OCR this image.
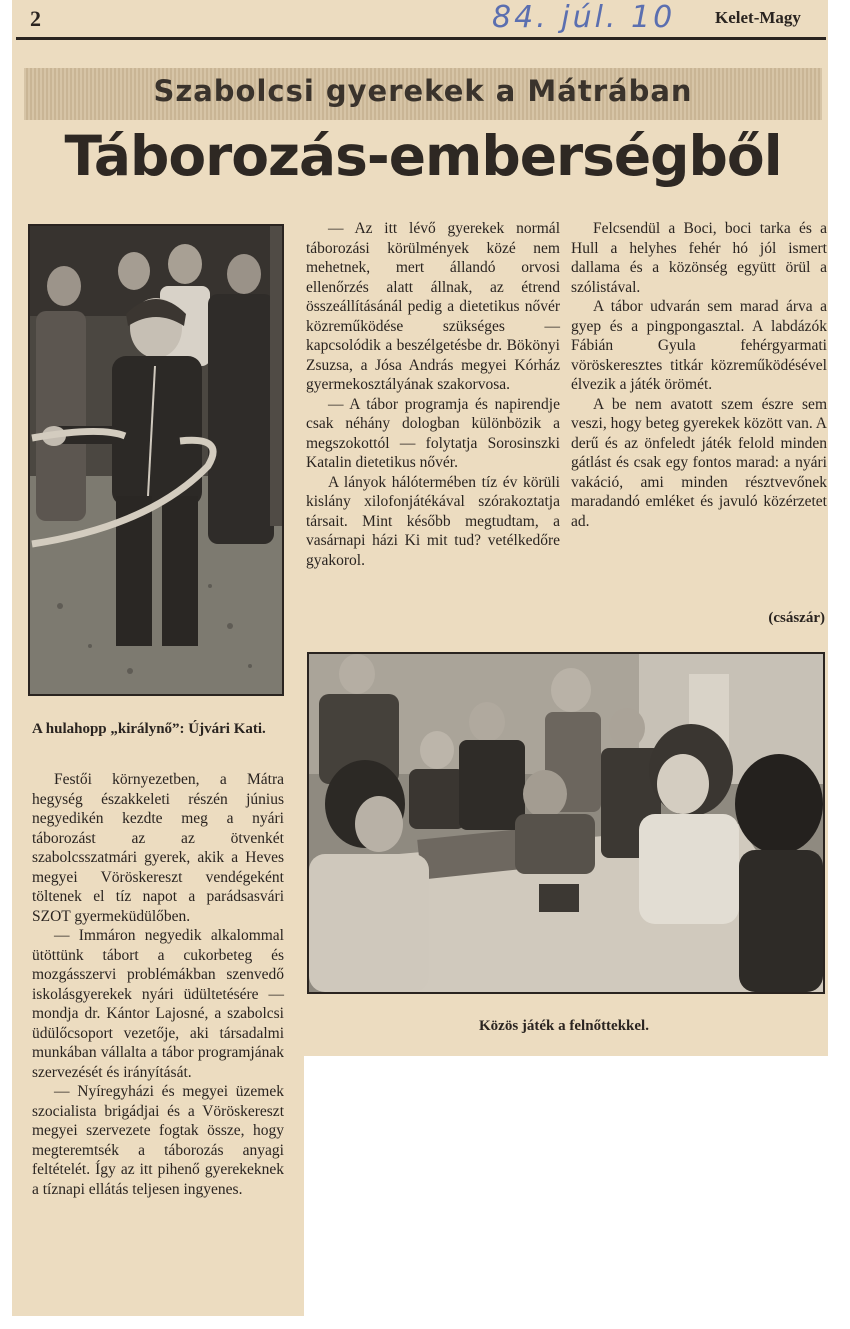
2	84. júl. 10 Kelet-Magy
Szabolcsi gyerekek a Mátrában
Táborozás-emberségből
A hulahopp „királynő”: Újvári Kati.

Festői környezetben, a Mátra hegység északkeleti részén június negyedikén kezdte meg a nyári táborozást az az ötvenkét szabolcsszatmári gyerek, akik a Heves megyei Vöröskereszt vendégeként töltenek el tíz napot a parádsasvári SZOT gyermeküdülőben.

— Immáron negyedik alkalommal ütöttünk tábort a cukorbeteg és mozgásszervi problémákban szenvedő iskolásgyerekek nyári üdültetésére — mondja dr. Kántor Lajosné, a szabolcsi üdülőcsoport vezetője, aki társadalmi munkában vállalta a tábor programjának szervezését és irányítását.

— Nyíregyházi és megyei üzemek szocialista brigádjai és a Vöröskereszt megyei szervezete fogtak össze, hogy megteremtsék a táborozás anyagi feltételét. Így az itt pihenő gyerekeknek a tíznapi ellátás teljesen ingyenes.

— Az itt lévő gyerekek normál táborozási körülmények közé nem mehetnek, mert állandó orvosi ellenőrzés alatt állnak, az étrend összeállításánál pedig a dietetikus nővér közreműködése szükséges — kapcsolódik a beszélgetésbe dr. Bökönyi Zsuzsa, a Jósa András megyei Kórház gyermekosztályának szakorvosa.

— A tábor programja és napirendje csak néhány dologban különbözik a megszokottól — folytatja Sorosinszki Katalin dietetikus nővér.

A lányok hálótermében tíz év körüli kislány xilofonjátékával szórakoztatja társait. Mint később megtudtam, a vasárnapi házi Ki mit tud? vetélkedőre gyakorol.

Felcsendül a Boci, boci tarka és a Hull a helyhes fehér hó jól ismert dallama és a közönség együtt örül a szólistával.

A tábor udvarán sem marad árva a gyep és a pingpongasztal. A labdázók Fábián Gyula fehérgyarmati vöröskeresztes titkár közreműködésével élvezik a játék örömét.

A be nem avatott szem észre sem veszi, hogy beteg gyerekek között van. A derű és az önfeledt játék felold minden gátlást és csak egy fontos marad: a nyári vakáció, ami minden résztvevőnek maradandó emléket és javuló közérzetet ad.

(császár)
Közös játék a felnőttekkel.
